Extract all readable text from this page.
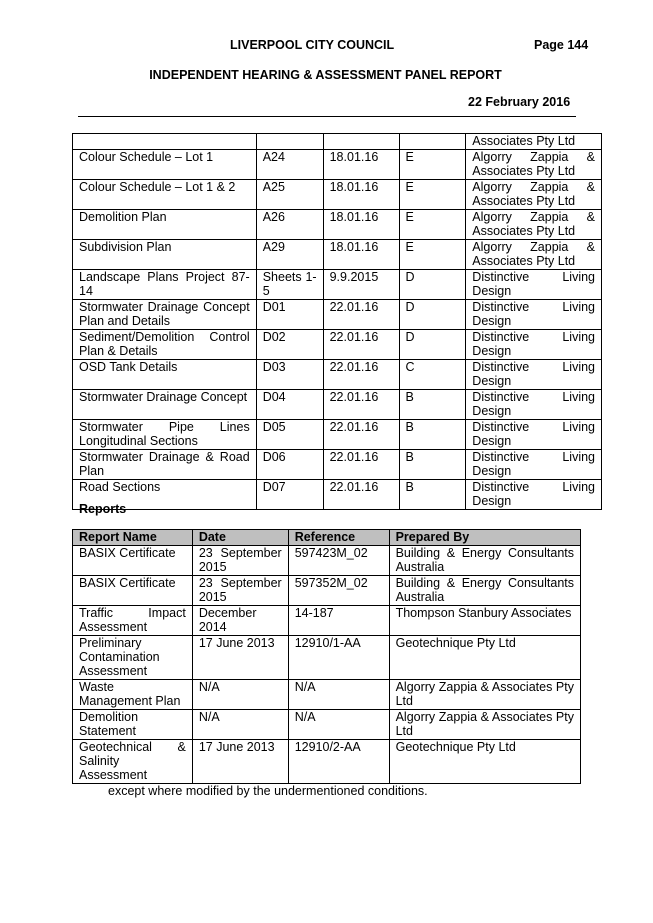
LIVERPOOL CITY COUNCIL	Page 144
INDEPENDENT HEARING & ASSESSMENT PANEL REPORT
22 February 2016
				Associates Pty Ltd
Colour Schedule – Lot 1	A24	18.01.16	E	Algorry Zappia & Associates Pty Ltd
Colour Schedule – Lot 1 & 2	A25	18.01.16	E	Algorry Zappia & Associates Pty Ltd
Demolition Plan	A26	18.01.16	E	Algorry Zappia & Associates Pty Ltd
Subdivision Plan	A29	18.01.16	E	Algorry Zappia & Associates Pty Ltd
Landscape Plans Project 87-14	Sheets 1-5	9.9.2015	D	Distinctive Living Design
Stormwater Drainage Concept Plan and Details	D01	22.01.16	D	Distinctive Living Design
Sediment/Demolition Control Plan & Details	D02	22.01.16	D	Distinctive Living Design
OSD Tank Details	D03	22.01.16	C	Distinctive Living Design
Stormwater Drainage Concept	D04	22.01.16	B	Distinctive Living Design
Stormwater Pipe Lines Longitudinal Sections	D05	22.01.16	B	Distinctive Living Design
Stormwater Drainage & Road Plan	D06	22.01.16	B	Distinctive Living Design
Road Sections	D07	22.01.16	B	Distinctive Living Design
Reports
Report Name	Date	Reference	Prepared By
BASIX Certificate	23 September 2015	597423M_02	Building & Energy Consultants Australia
BASIX Certificate	23 September 2015	597352M_02	Building & Energy Consultants Australia
Traffic Impact Assessment	December 2014	14-187	Thompson Stanbury Associates
Preliminary Contamination Assessment	17 June 2013	12910/1-AA	Geotechnique Pty Ltd
Waste Management Plan	N/A	N/A	Algorry Zappia & Associates Pty Ltd
Demolition Statement	N/A	N/A	Algorry Zappia & Associates Pty Ltd
Geotechnical & Salinity Assessment	17 June 2013	12910/2-AA	Geotechnique Pty Ltd
except where modified by the undermentioned conditions.
